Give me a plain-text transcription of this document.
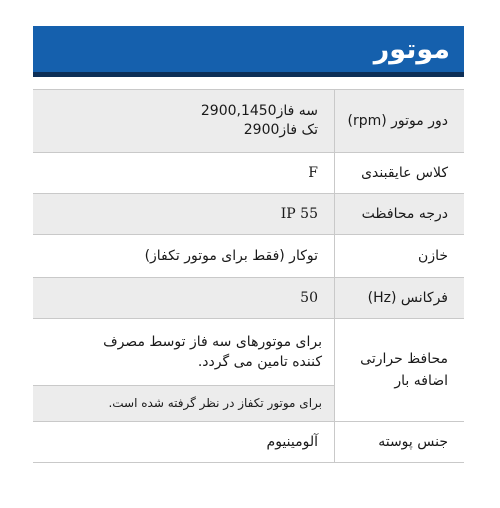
موتور
دور موتور (rpm)
سه فاز2900,1450
تک فاز2900
کلاس عایقبندی
F
درجه محافظت
IP 55
خازن
توکار (فقط برای موتور تکفاز)
فرکانس (Hz)
50
محافظ حرارتی
اضافه بار
برای موتورهای سه فاز توسط مصرف
کننده تامین می گردد.
برای موتور تکفاز در نظر گرفته شده است.
جنس پوسته
آلومینیوم
